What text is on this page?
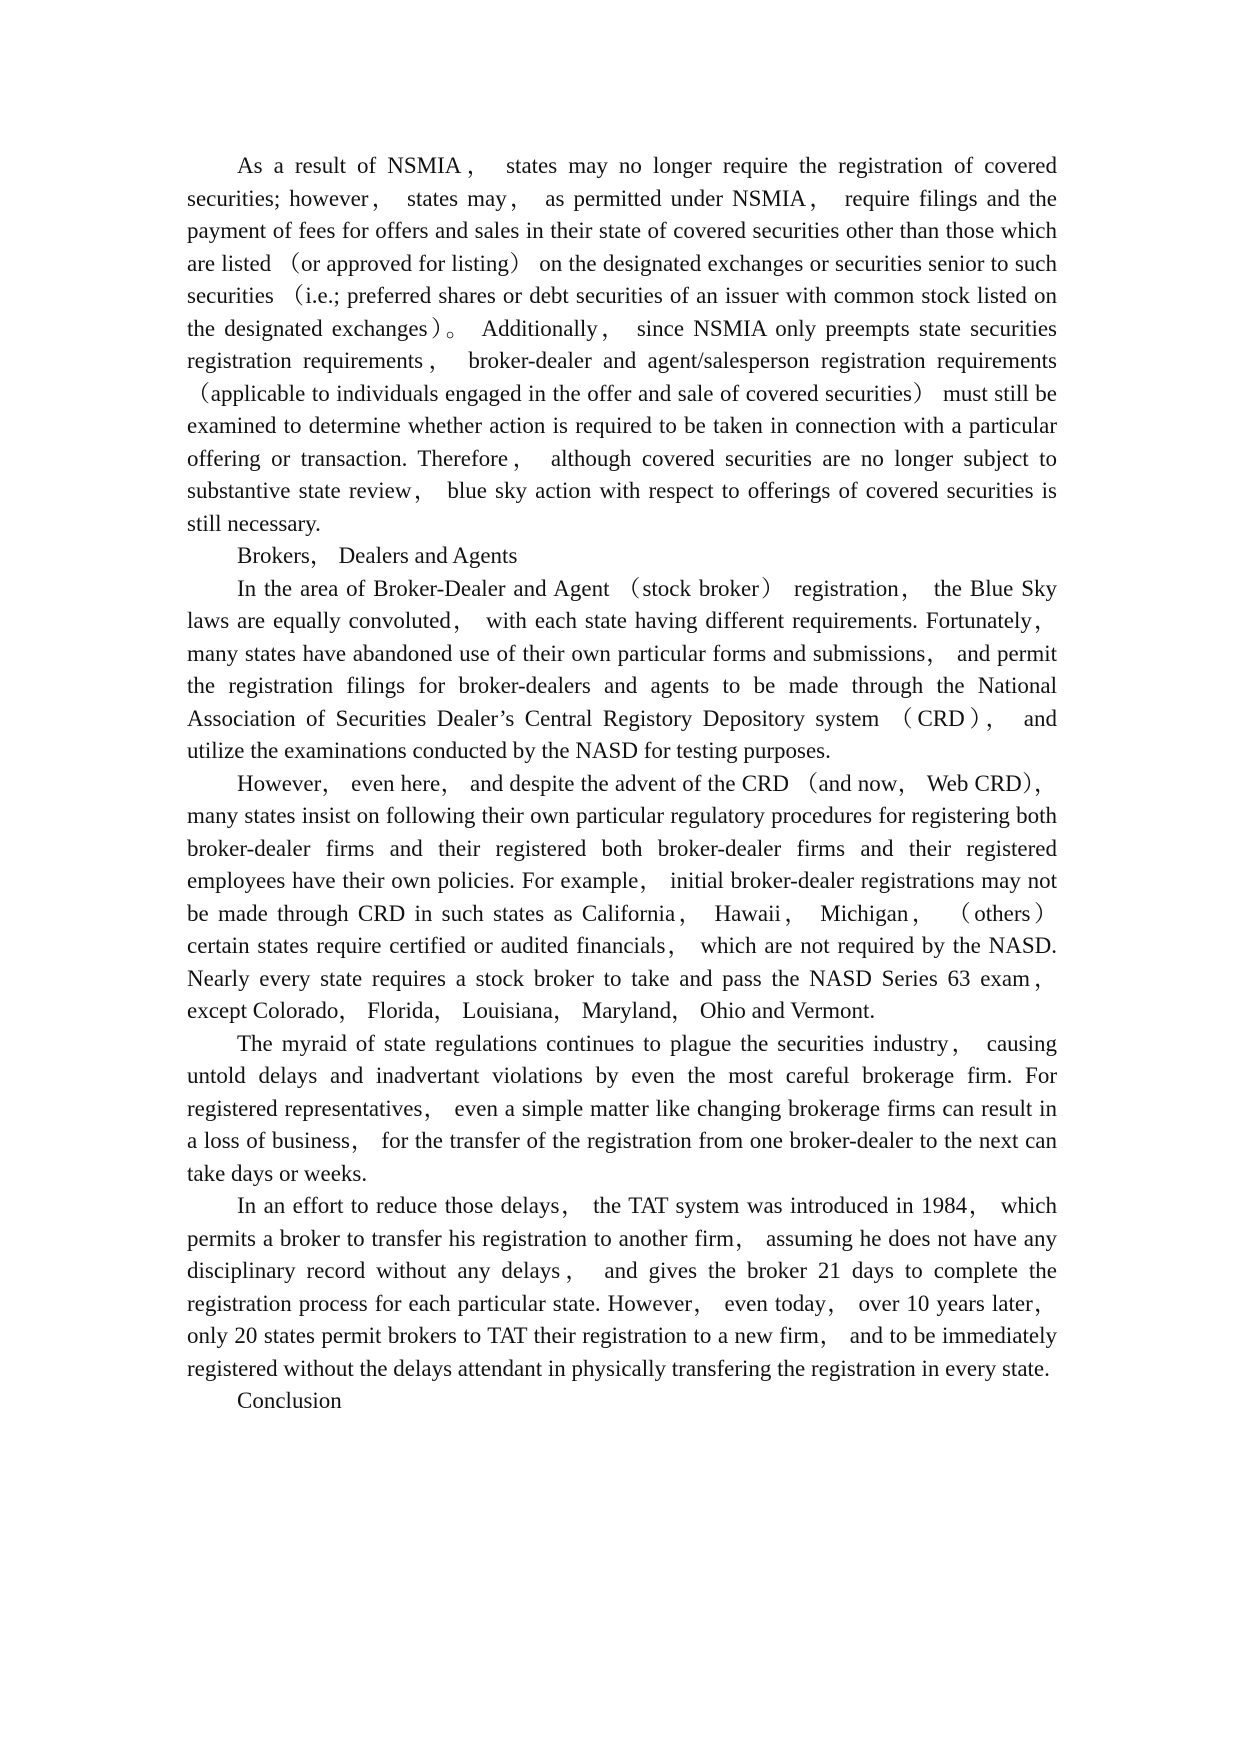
As a result of NSMIA， states may no longer require the registration of covered securities; however， states may， as permitted under NSMIA， require filings and the payment of fees for offers and sales in their state of covered securities other than those which are listed （or approved for listing） on the designated exchanges or securities senior to such securities （i.e.; preferred shares or debt securities of an issuer with common stock listed on the designated exchanges）。 Additionally， since NSMIA only preempts state securities registration requirements， broker-dealer and agent/salesperson registration requirements （applicable to individuals engaged in the offer and sale of covered securities） must still be examined to determine whether action is required to be taken in connection with a particular offering or transaction. Therefore， although covered securities are no longer subject to substantive state review， blue sky action with respect to offerings of covered securities is still necessary.

Brokers， Dealers and Agents

In the area of Broker-Dealer and Agent （stock broker） registration， the Blue Sky laws are equally convoluted， with each state having different requirements. Fortunately， many states have abandoned use of their own particular forms and submissions， and permit the registration filings for broker-dealers and agents to be made through the National Association of Securities Dealer’s Central Registory Depository system （CRD）， and utilize the examinations conducted by the NASD for testing purposes.

However， even here， and despite the advent of the CRD （and now， Web CRD）， many states insist on following their own particular regulatory procedures for registering both broker-dealer firms and their registered both broker-dealer firms and their registered employees have their own policies. For example， initial broker-dealer registrations may not be made through CRD in such states as California， Hawaii， Michigan， （others） certain states require certified or audited financials， which are not required by the NASD. Nearly every state requires a stock broker to take and pass the NASD Series 63 exam， except Colorado， Florida， Louisiana， Maryland， Ohio and Vermont.

The myraid of state regulations continues to plague the securities industry， causing untold delays and inadvertant violations by even the most careful brokerage firm. For registered representatives， even a simple matter like changing brokerage firms can result in a loss of business， for the transfer of the registration from one broker-dealer to the next can take days or weeks.

In an effort to reduce those delays， the TAT system was introduced in 1984， which permits a broker to transfer his registration to another firm， assuming he does not have any disciplinary record without any delays， and gives the broker 21 days to complete the registration process for each particular state. However， even today， over 10 years later， only 20 states permit brokers to TAT their registration to a new firm， and to be immediately registered without the delays attendant in physically transfering the registration in every state.

Conclusion
